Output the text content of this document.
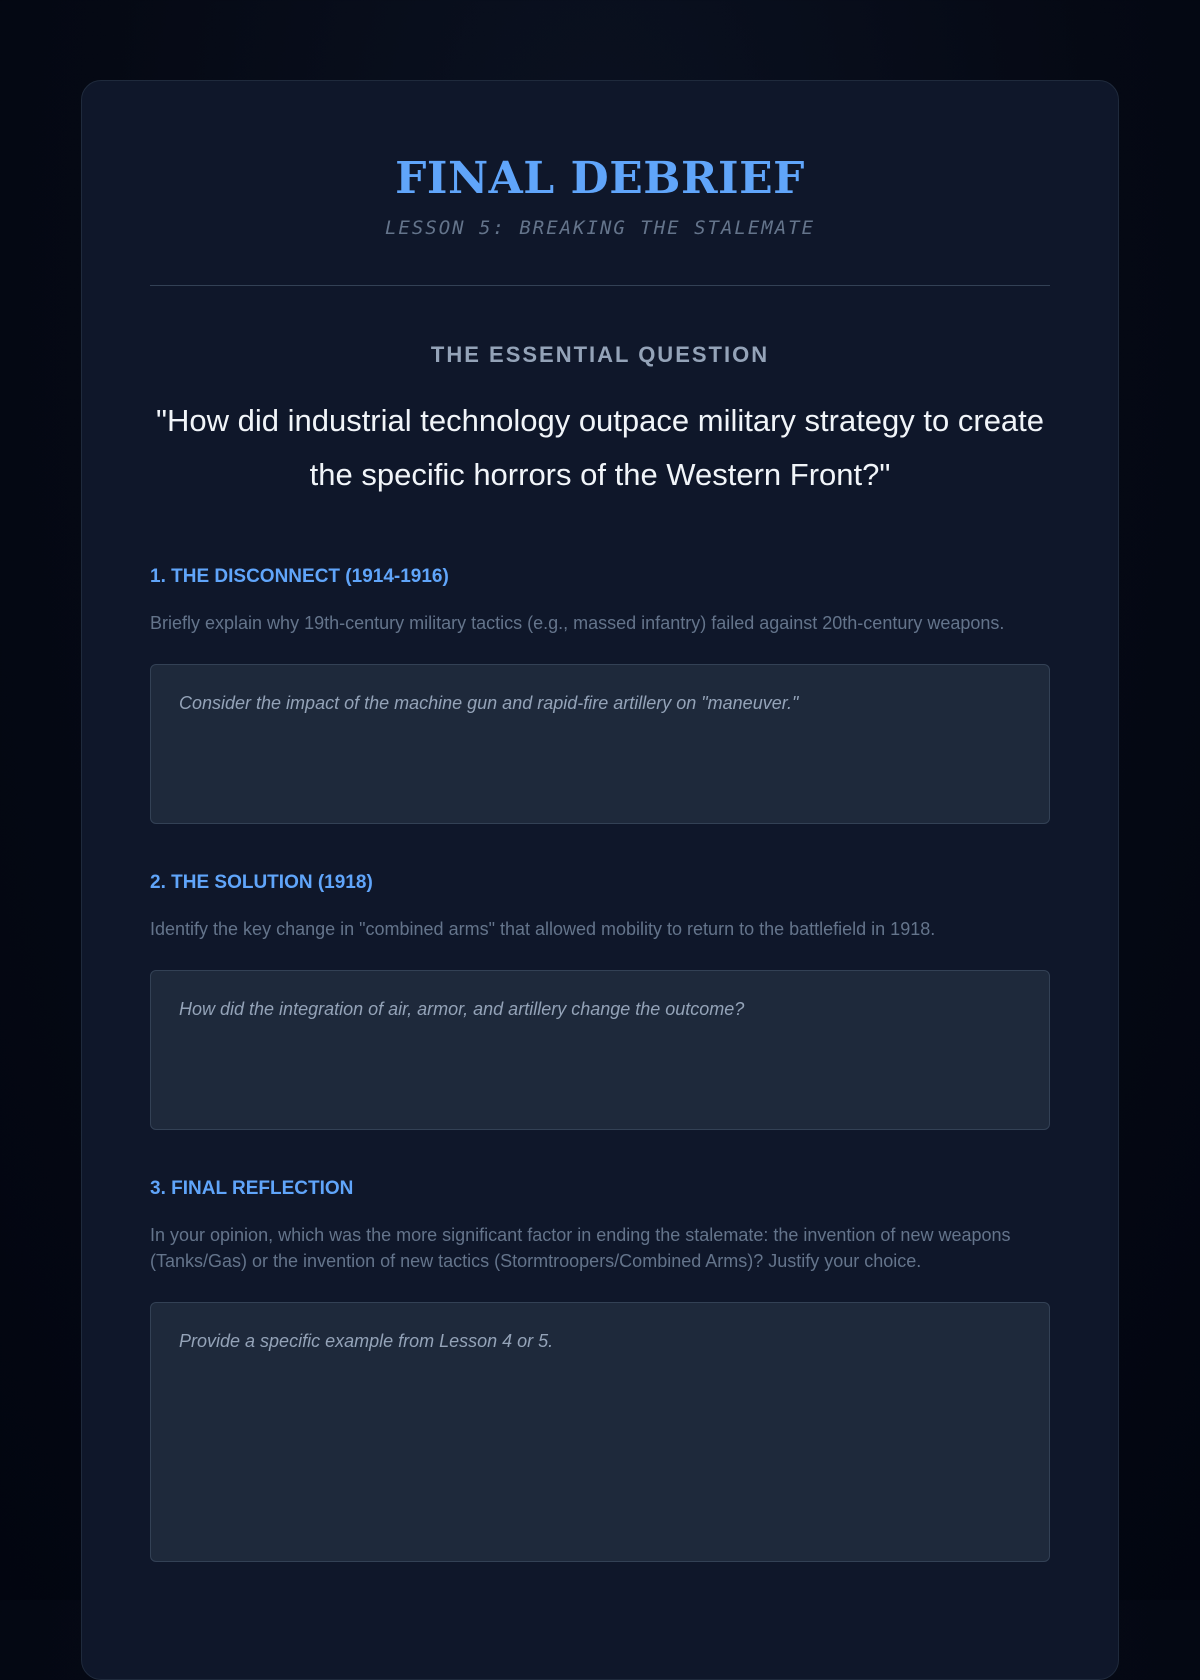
FINAL DEBRIEF
LESSON 5: BREAKING THE STALEMATE
THE ESSENTIAL QUESTION
"How did industrial technology outpace military strategy to create the specific horrors of the Western Front?"
1. THE DISCONNECT (1914-1916)
Briefly explain why 19th-century military tactics (e.g., massed infantry) failed against 20th-century weapons.
Consider the impact of the machine gun and rapid-fire artillery on "maneuver."
2. THE SOLUTION (1918)
Identify the key change in "combined arms" that allowed mobility to return to the battlefield in 1918.
How did the integration of air, armor, and artillery change the outcome?
3. FINAL REFLECTION
In your opinion, which was the more significant factor in ending the stalemate: the invention of new weapons (Tanks/Gas) or the invention of new tactics (Stormtroopers/Combined Arms)? Justify your choice.
Provide a specific example from Lesson 4 or 5.
